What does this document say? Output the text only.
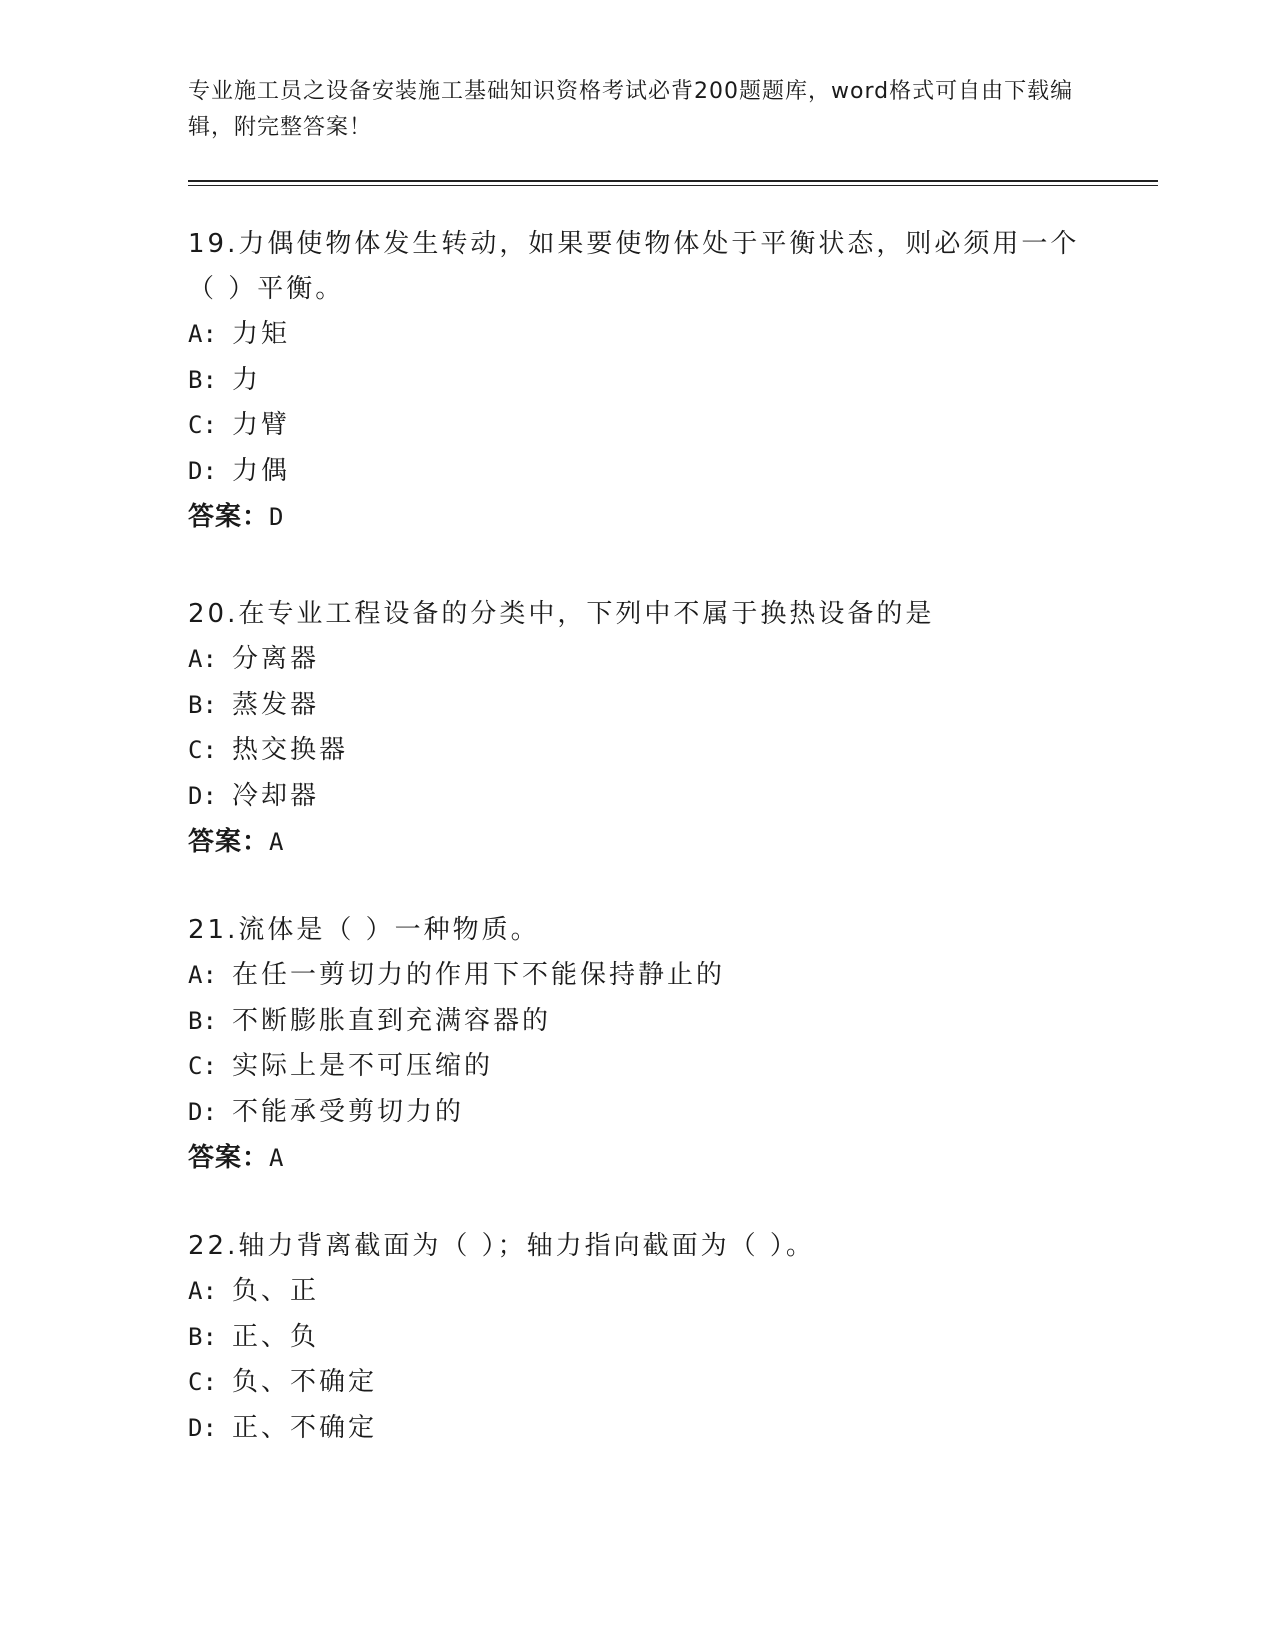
专业施工员之设备安装施工基础知识资格考试必背200题题库，word格式可自由下载编辑，附完整答案！

19.力偶使物体发生转动，如果要使物体处于平衡状态，则必须用一个（ ）平衡。

A: 力矩
B: 力
C: 力臂
D: 力偶

答案：D

20.在专业工程设备的分类中，下列中不属于换热设备的是

A: 分离器
B: 蒸发器
C: 热交换器
D: 冷却器

答案：A

21.流体是（ ）一种物质。

A: 在任一剪切力的作用下不能保持静止的
B: 不断膨胀直到充满容器的
C: 实际上是不可压缩的
D: 不能承受剪切力的

答案：A

22.轴力背离截面为（ ）；轴力指向截面为（ ）。

A: 负、正
B: 正、负
C: 负、不确定
D: 正、不确定
